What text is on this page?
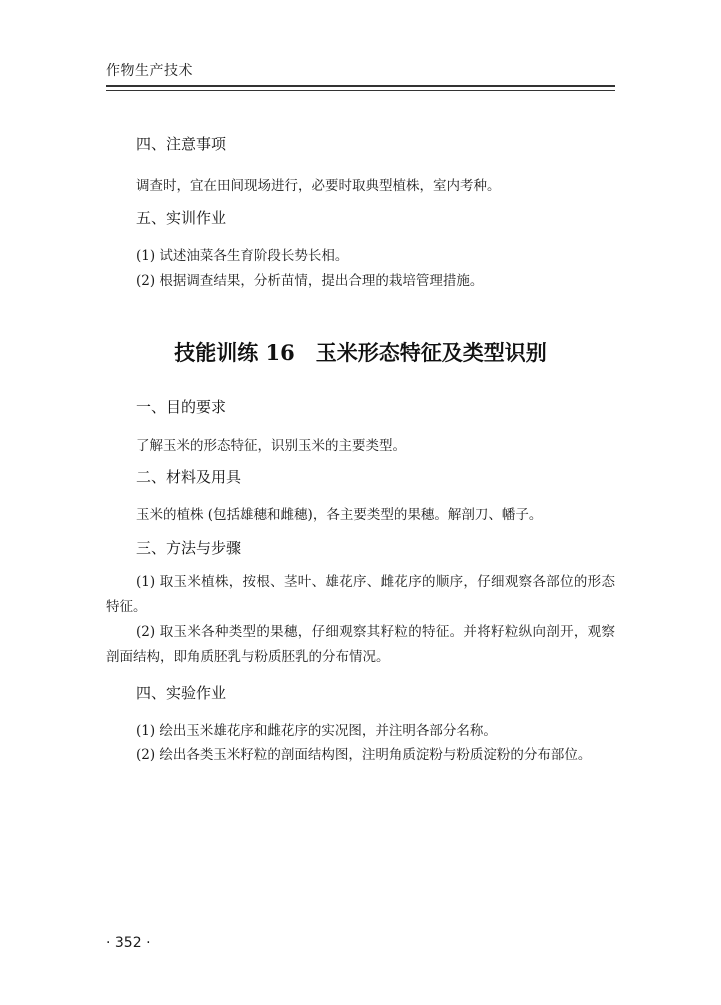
作物生产技术
四、注意事项
调查时，宜在田间现场进行，必要时取典型植株，室内考种。
五、实训作业
(1) 试述油菜各生育阶段长势长相。
(2) 根据调查结果，分析苗情，提出合理的栽培管理措施。
技能训练 16　玉米形态特征及类型识别
一、目的要求
了解玉米的形态特征，识别玉米的主要类型。
二、材料及用具
玉米的植株 (包括雄穗和雌穗)，各主要类型的果穗。解剖刀、幡子。
三、方法与步骤
(1) 取玉米植株，按根、茎叶、雄花序、雌花序的顺序，仔细观察各部位的形态特征。
(2) 取玉米各种类型的果穗，仔细观察其籽粒的特征。并将籽粒纵向剖开，观察剖面结构，即角质胚乳与粉质胚乳的分布情况。
四、实验作业
(1) 绘出玉米雄花序和雌花序的实况图，并注明各部分名称。
(2) 绘出各类玉米籽粒的剖面结构图，注明角质淀粉与粉质淀粉的分布部位。
· 352 ·
